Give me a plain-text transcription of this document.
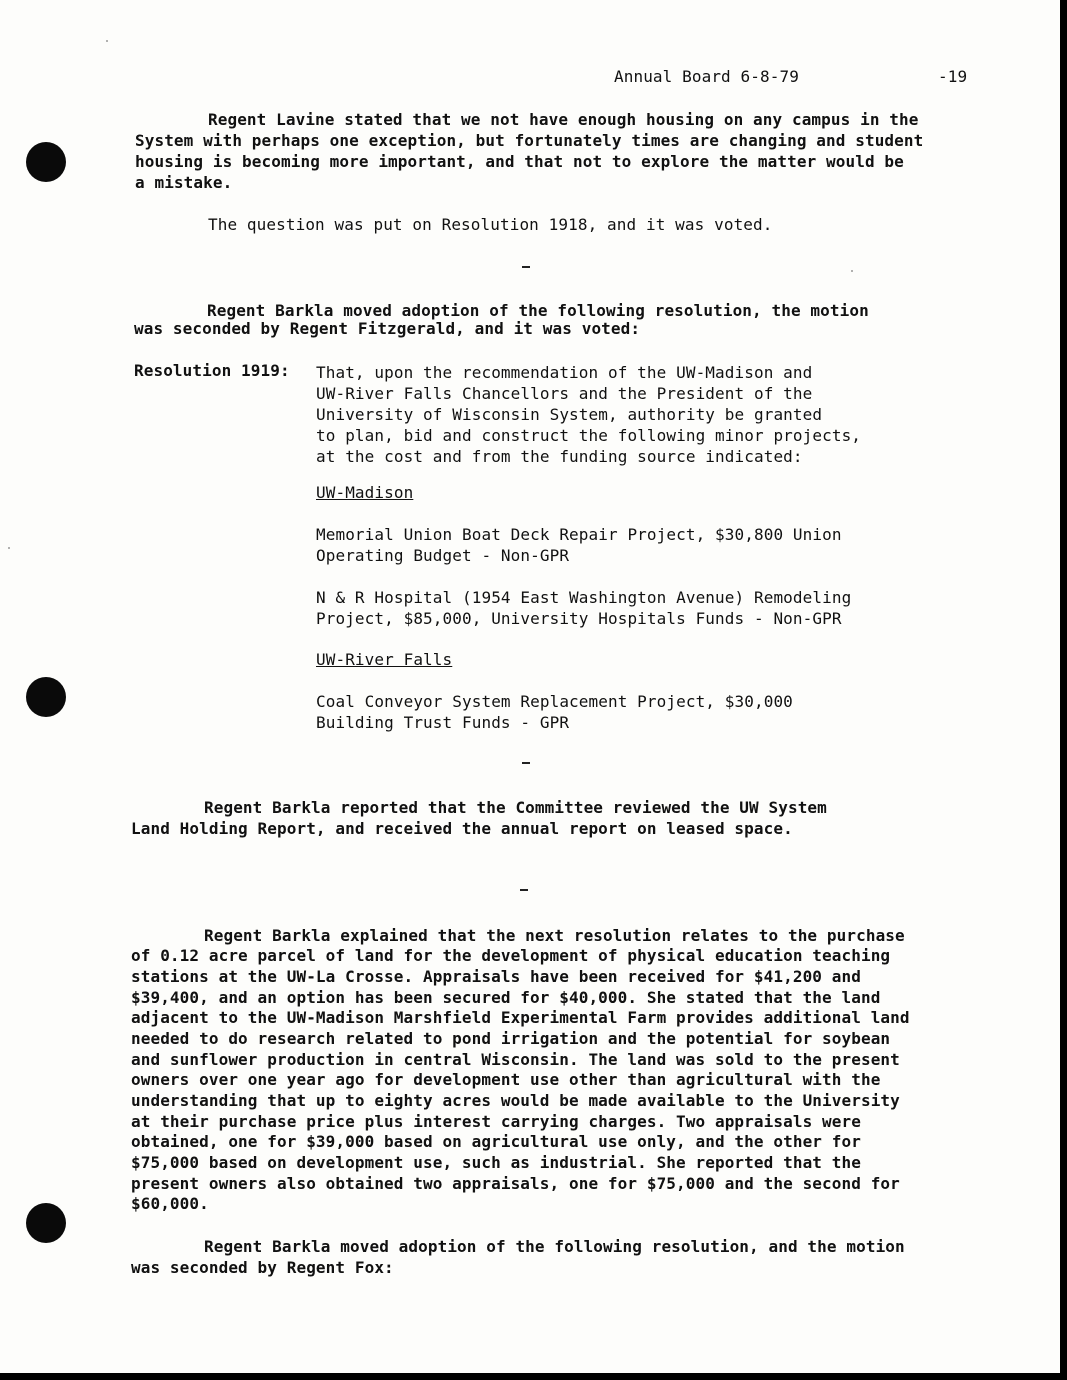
Annual Board 6-8-79	-19
Regent Lavine stated that we not have enough housing on any campus in the
System with perhaps one exception, but fortunately times are changing and student
housing is becoming more important, and that not to explore the matter would be
a mistake.
The question was put on Resolution 1918, and it was voted.
Regent Barkla moved adoption of the following resolution, the motion
was seconded by Regent Fitzgerald, and it was voted:
Resolution 1919: That, upon the recommendation of the UW-Madison and
UW-River Falls Chancellors and the President of the
University of Wisconsin System, authority be granted
to plan, bid and construct the following minor projects,
at the cost and from the funding source indicated:
UW-Madison
Memorial Union Boat Deck Repair Project, $30,800 Union
Operating Budget - Non-GPR
N & R Hospital (1954 East Washington Avenue) Remodeling
Project, $85,000, University Hospitals Funds - Non-GPR
UW-River Falls
Coal Conveyor System Replacement Project, $30,000
Building Trust Funds - GPR
Regent Barkla reported that the Committee reviewed the UW System
Land Holding Report, and received the annual report on leased space.
Regent Barkla explained that the next resolution relates to the purchase
of 0.12 acre parcel of land for the development of physical education teaching
stations at the UW-La Crosse. Appraisals have been received for $41,200 and
$39,400, and an option has been secured for $40,000. She stated that the land
adjacent to the UW-Madison Marshfield Experimental Farm provides additional land
needed to do research related to pond irrigation and the potential for soybean
and sunflower production in central Wisconsin. The land was sold to the present
owners over one year ago for development use other than agricultural with the
understanding that up to eighty acres would be made available to the University
at their purchase price plus interest carrying charges. Two appraisals were
obtained, one for $39,000 based on agricultural use only, and the other for
$75,000 based on development use, such as industrial. She reported that the
present owners also obtained two appraisals, one for $75,000 and the second for
$60,000.
Regent Barkla moved adoption of the following resolution, and the motion
was seconded by Regent Fox:
